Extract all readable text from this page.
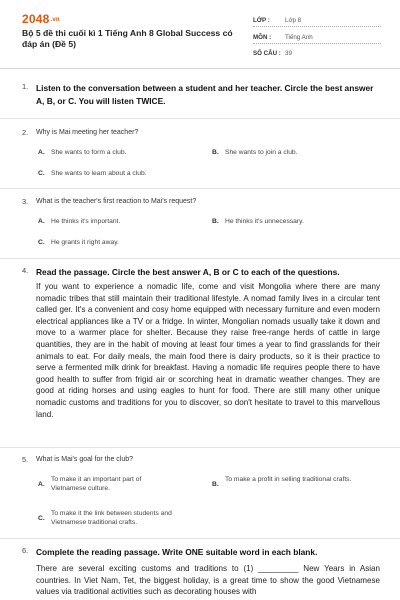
2048.vn
Bộ 5 đề thi cuối kì 1 Tiếng Anh 8 Global Success có đáp án (Đề 5)
LỚP : Lớp 8
MÔN : Tiếng Anh
SỐ CÂU : 39
1. Listen to the conversation between a student and her teacher. Circle the best answer A, B, or C. You will listen TWICE.
2. Why is Mai meeting her teacher?
A. She wants to form a club.	B. She wants to join a club.
C. She wants to learn about a club.
3. What is the teacher's first reaction to Mai's request?
A. He thinks it's important.	B. He thinks it's unnecessary.
C. He grants it right away.
4. Read the passage. Circle the best answer A, B or C to each of the questions.
If you want to experience a nomadic life, come and visit Mongolia where there are many nomadic tribes that still maintain their traditional lifestyle. A nomad family lives in a circular tent called ger. It's a convenient and cosy home equipped with necessary furniture and even modern electrical appliances like a TV or a fridge. In winter, Mongolian nomads usually take it down and move to a warmer place for shelter. Because they raise free-range herds of cattle in large quantities, they are in the habit of moving at least four times a year to find grasslands for their animals to eat. For daily meals, the main food there is dairy products, so it is their practice to serve a fermented milk drink for breakfast. Having a nomadic life requires people there to have good health to suffer from frigid air or scorching heat in dramatic weather changes. They are good at riding horses and using eagles to hunt for food. There are still many other unique nomadic customs and traditions for you to discover, so don't hesitate to travel to this marvellous land.
5. What is Mai's goal for the club?
A.
To make it an important part of Vietnamese culture.
B.
To make a profit in selling traditional crafts.
C.
To make it the link between students and Vietnamese traditional crafts.
6. Complete the reading passage. Write ONE suitable word in each blank.
There are several exciting customs and traditions to (1) _________ New Years in Asian countries. In Viet Nam, Tet, the biggest holiday, is a great time to show the good Vietnamese values via traditional activities such as decorating houses with
